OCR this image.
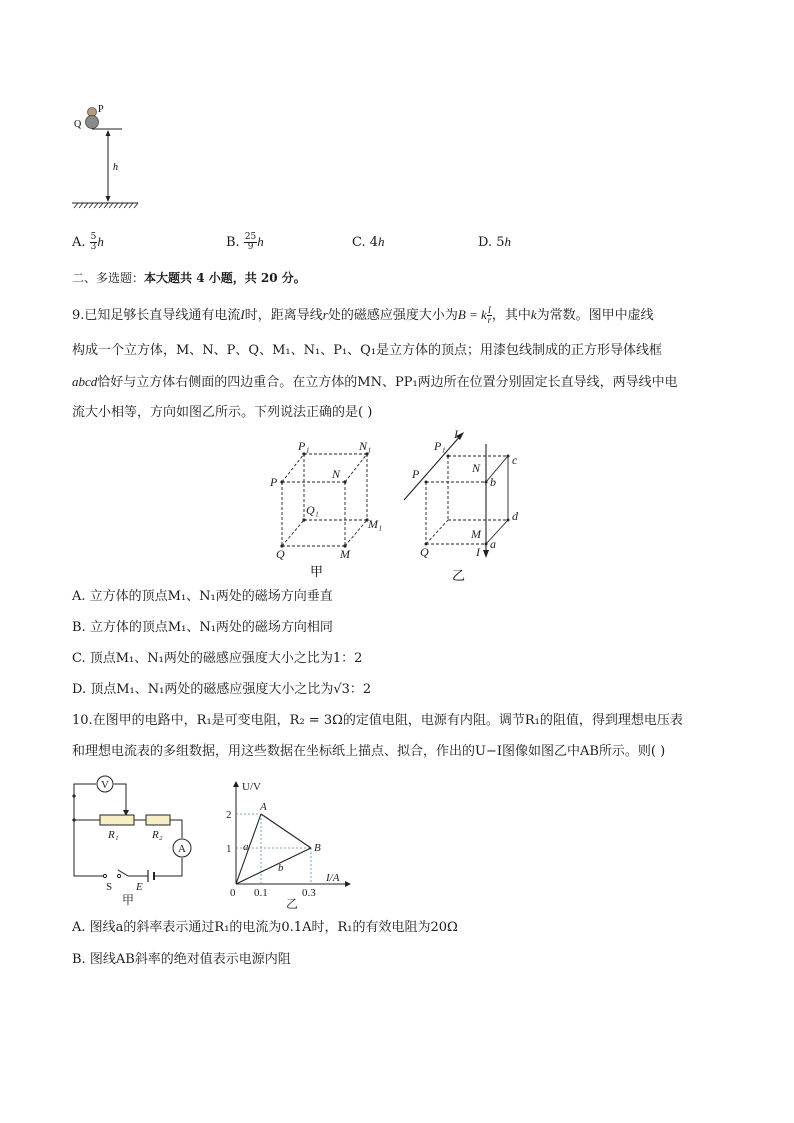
P
Q
h
A. $\frac{5}{3}$ h	B. $\frac{25}{9}$ h	C. 4h	D. 5h
二、多选题：本大题共 4 小题，共 20 分。
9.已知足够长直导线通有电流I时，距离导线r处的磁感应强度大小为B = k $\frac{I}{r}$ ，其中k为常数。图甲中虚线
构成一个立方体，M、N、P、Q、M₁、N₁、P₁、Q₁是立方体的顶点；用漆包线制成的正方形导体线框
abcd恰好与立方体右侧面的四边重合。在立方体的MN、PP₁两边所在位置分别固定长直导线，两导线中电
流大小相等，方向如图乙所示。下列说法正确的是( )
P₁	N₁
P
N
Q₁
M₁
Q	M
甲
P₁
I
N
c
P
b
d
M
Q	I
a
乙
A. 立方体的顶点M₁、N₁两处的磁场方向垂直
B. 立方体的顶点M₁、N₁两处的磁场方向相同
C. 顶点M₁、N₁两处的磁感应强度大小之比为1：2
D. 顶点M₁、N₁两处的磁感应强度大小之比为√3：2
10.在图甲的电路中，R₁是可变电阻，R₂ = 3Ω的定值电阻，电源有内阻。调节R₁的阻值，得到理想电压表
和理想电流表的多组数据，用这些数据在坐标纸上描点、拟合，作出的U−I图像如图乙中AB所示。则( )
V
A
R₁	R₂
S E
甲
U/V
I/A
2
1
0 0.1	0.3
A
B
a
b
乙
A. 图线a的斜率表示通过R₁的电流为0.1A时，R₁的有效电阻为20Ω
B. 图线AB斜率的绝对值表示电源内阻
